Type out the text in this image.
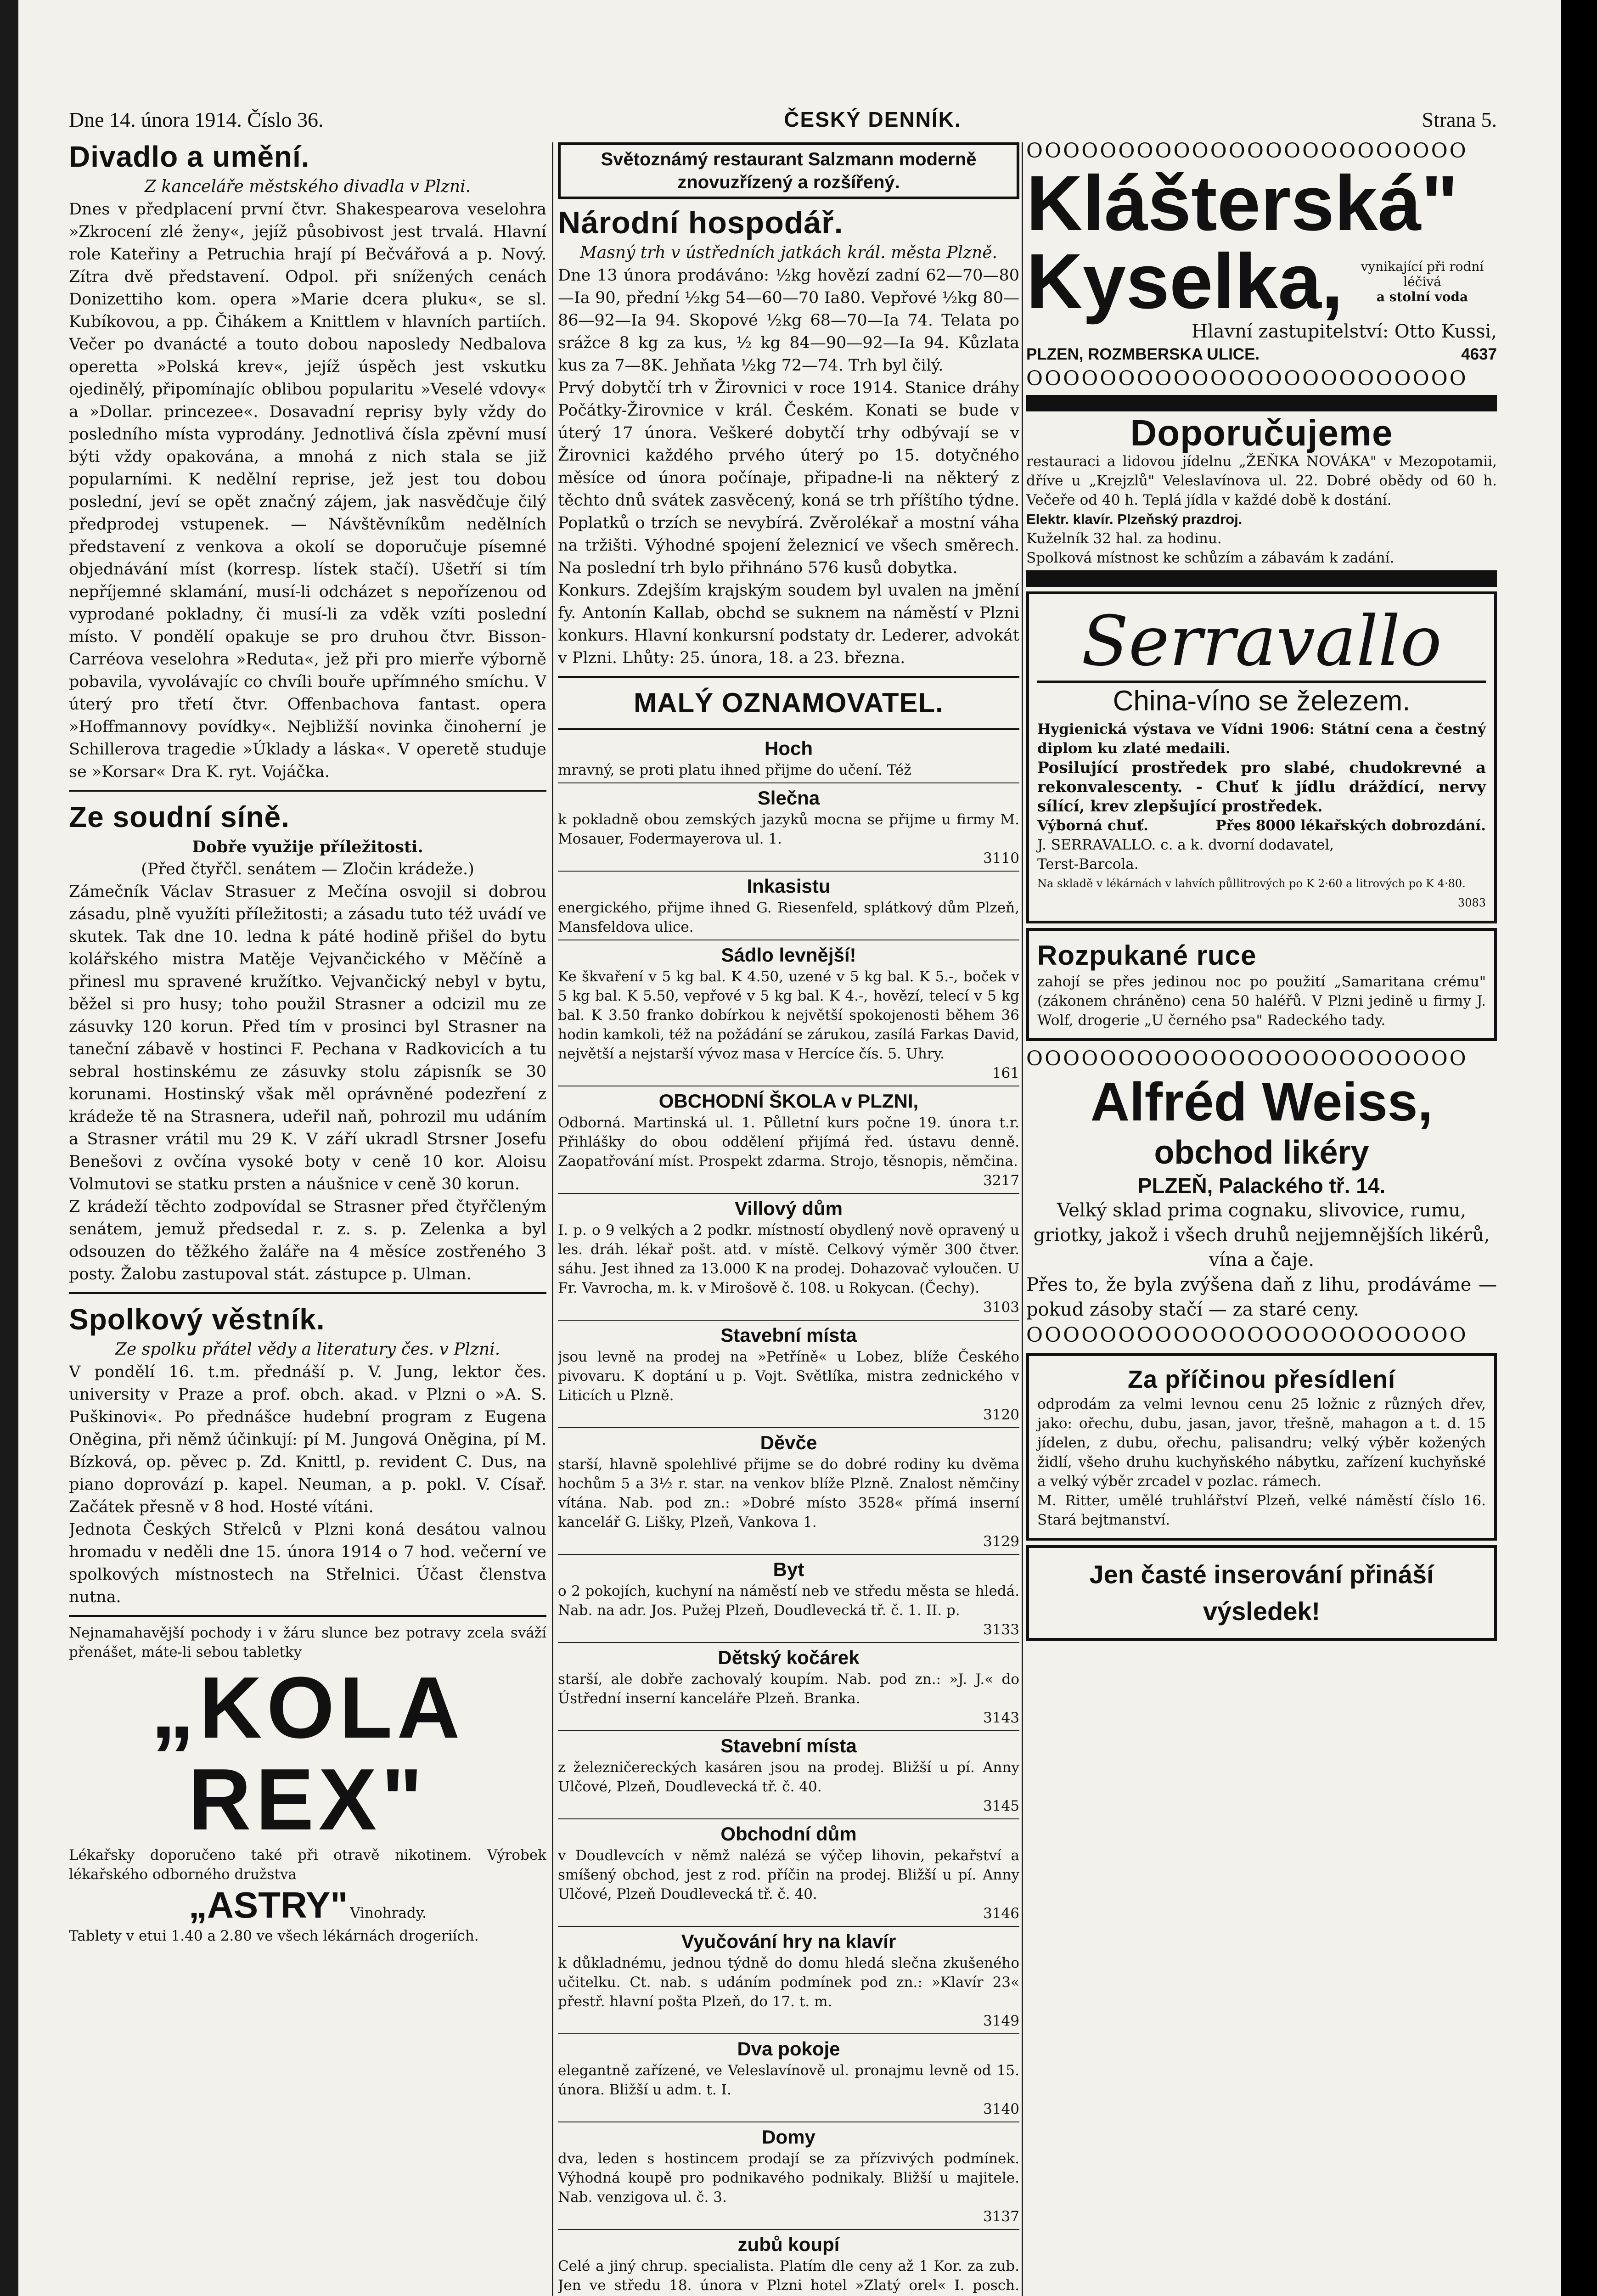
Dne 14. února 1914. Číslo 36.	ČESKÝ DENNÍK.	Strana 5.

Divadlo a umění.

Z kanceláře městského divadla v Plzni.

Dnes v předplacení první čtvr. Shakespearova veselohra »Zkrocení zlé ženy«, jejíž působivost jest trvalá. Hlavní role Kateřiny a Petruchia hrají pí Bečvářová a p. Nový. Zítra dvě představení. Odpol. při snížených cenách Donizettiho kom. opera »Marie dcera pluku«, se sl. Kubíkovou, a pp. Čihákem a Knittlem v hlavních partiích. Večer po dvanácté a touto dobou naposledy Nedbalova operetta »Polská krev«, jejíž úspěch jest vskutku ojedinělý, připomínajíc oblibou popularitu »Veselé vdovy« a »Dollar. princezee«. Dosavadní reprisy byly vždy do posledního místa vyprodány. Jednotlivá čísla zpěvní musí býti vždy opakována, a mnohá z nich stala se již popularními. K nedělní reprise, jež jest tou dobou poslední, jeví se opět značný zájem, jak nasvědčuje čilý předprodej vstupenek. — Návštěvníkům nedělních představení z venkova a okolí se doporučuje písemné objednávání míst (korresp. lístek stačí). Ušetří si tím nepříjemné sklamání, musí-li odcházet s nepořízenou od vyprodané pokladny, či musí-li za vděk vzíti poslední místo. V pondělí opakuje se pro druhou čtvr. Bisson-Carréova veselohra »Reduta«, jež při pro mierře výborně pobavila, vyvolávajíc co chvíli bouře upřímného smíchu. V úterý pro třetí čtvr. Offenbachova fantast. opera »Hoffmannovy povídky«. Nejbližší novinka činoherní je Schillerova tragedie »Úklady a láska«. V operetě studuje se »Korsar« Dra K. ryt. Vojáčka.

Ze soudní síně.

Dobře využije příležitosti.

(Před čtyřčl. senátem — Zločin krádeže.)

Zámečník Václav Strasuer z Mečína osvojil si dobrou zásadu, plně využíti příležitosti; a zásadu tuto též uvádí ve skutek. Tak dne 10. ledna k páté hodině přišel do bytu kolářského mistra Matěje Vejvančického v Měčíně a přinesl mu spravené kružítko. Vejvančický nebyl v bytu, běžel si pro husy; toho použil Strasner a odcizil mu ze zásuvky 120 korun. Před tím v prosinci byl Strasner na taneční zábavě v hostinci F. Pechana v Radkovicích a tu sebral hostinskému ze zásuvky stolu zápisník se 30 korunami. Hostinský však měl oprávněné podezření z krádeže tě na Strasnera, udeřil naň, pohrozil mu udáním a Strasner vrátil mu 29 K. V září ukradl Strsner Josefu Benešovi z ovčína vysoké boty v ceně 10 kor. Aloisu Volmutovi se statku prsten a náušnice v ceně 30 korun.

Z krádeží těchto zodpovídal se Strasner před čtyřčleným senátem, jemuž předsedal r. z. s. p. Zelenka a byl odsouzen do těžkého žaláře na 4 měsíce zostřeného 3 posty. Žalobu zastupoval stát. zástupce p. Ulman.

Spolkový věstník.

Ze spolku přátel vědy a literatury čes. v Plzni.

V pondělí 16. t.m. přednáší p. V. Jung, lektor čes. university v Praze a prof. obch. akad. v Plzni o »A. S. Puškinovi«. Po přednášce hudební program z Eugena Oněgina, při němž účinkují: pí M. Jungová Oněgina, pí M. Bízková, op. pěvec p. Zd. Knittl, p. revident C. Dus, na piano doprovází p. kapel. Neuman, a p. pokl. V. Císař. Začátek přesně v 8 hod. Hosté vítáni.

Jednota Českých Střelců v Plzni koná desátou valnou hromadu v neděli dne 15. února 1914 o 7 hod. večerní ve spolkových místnostech na Střelnici. Účast členstva nutna.

Nejnamahavější pochody i v žáru slunce bez potravy zcela sváží přenášet, máte-li sebou tabletky

„KOLA REX"

Lékařsky doporučeno také při otravě nikotinem. Výrobek lékařského odborného družstva

„ASTRY" Vinohrady.

Tablety v etui 1.40 a 2.80 ve všech lékárnách drogeriích.

Světoznámý restaurant Salzmann moderně znovuzřízený a rozšířený.

Národní hospodář.

Masný trh v ústředních jatkách král. města Plzně.

Dne 13 února prodáváno: ½kg hovězí zadní 62—70—80—Ia 90, přední ½kg 54—60—70 Ia80. Vepřové ½kg 80—86—92—Ia 94. Skopové ½kg 68—70—Ia 74. Telata po srážce 8 kg za kus, ½ kg 84—90—92—Ia 94. Kůzlata kus za 7—8K. Jehňata ½kg 72—74. Trh byl čilý.

Prvý dobytčí trh v Žirovnici v roce 1914. Stanice dráhy Počátky-Žirovnice v král. Českém. Konati se bude v úterý 17 února. Veškeré dobytčí trhy odbývají se v Žirovnici každého prvého úterý po 15. dotyčného měsíce od února počínaje, připadne-li na některý z těchto dnů svátek zasvěcený, koná se trh příštího týdne. Poplatků o trzích se nevybírá. Zvěrolékař a mostní váha na tržišti. Výhodné spojení železnicí ve všech směrech. Na poslední trh bylo přihnáno 576 kusů dobytka.

Konkurs. Zdejším krajským soudem byl uvalen na jmění fy. Antonín Kallab, obchd se suknem na náměstí v Plzni konkurs. Hlavní konkursní podstaty dr. Lederer, advokát v Plzni. Lhůty: 25. února, 18. a 23. března.

MALÝ OZNAMOVATEL.

Hoch

mravný, se proti platu ihned přijme do učení. Též

Slečna

k pokladně obou zemských jazyků mocna se přijme u firmy M. Mosauer, Fodermayerova ul. 1.

3110

Inkasistu

energického, přijme ihned G. Riesenfeld, splátkový dům Plzeň, Mansfeldova ulice.

Sádlo levnější!

Ke škvaření v 5 kg bal. K 4.50, uzené v 5 kg bal. K 5.-, boček v 5 kg bal. K 5.50, vepřové v 5 kg bal. K 4.-, hovězí, telecí v 5 kg bal. K 3.50 franko dobírkou k největší spokojenosti během 36 hodin kamkoli, též na požádání se zárukou, zasílá Farkas David, největší a nejstarší vývoz masa v Hercíce čís. 5. Uhry.

161

OBCHODNÍ ŠKOLA v PLZNI,

Odborná. Martinská ul. 1. Půlletní kurs počne 19. února t.r. Přihlášky do obou oddělení přijímá řed. ústavu denně. Zaopatřování míst. Prospekt zdarma. Strojo, těsnopis, němčina.

3217

Villový dům

I. p. o 9 velkých a 2 podkr. místností obydlený nově opravený u les. dráh. lékař pošt. atd. v místě. Celkový výměr 300 čtver. sáhu. Jest ihned za 13.000 K na prodej. Dohazovač vyloučen. U Fr. Vavrocha, m. k. v Mirošově č. 108. u Rokycan. (Čechy).

3103

Stavební místa

jsou levně na prodej na »Petříně« u Lobez, blíže Českého pivovaru. K doptání u p. Vojt. Světlíka, mistra zednického v Liticích u Plzně.

3120

Děvče

starší, hlavně spolehlivé přijme se do dobré rodiny ku dvěma hochům 5 a 3½ r. star. na venkov blíže Plzně. Znalost němčiny vítána. Nab. pod zn.: »Dobré místo 3528« přímá inserní kancelář G. Lišky, Plzeň, Vankova 1.

3129

Byt

o 2 pokojích, kuchyní na náměstí neb ve středu města se hledá. Nab. na adr. Jos. Pužej Plzeň, Doudlevecká tř. č. 1. II. p.

3133

Dětský kočárek

starší, ale dobře zachovalý koupím. Nab. pod zn.: »J. J.« do Ústřední inserní kanceláře Plzeň. Branka.

3143

Stavební místa

z železničereckých kasáren jsou na prodej. Bližší u pí. Anny Ulčové, Plzeň, Doudlevecká tř. č. 40.

3145

Obchodní dům

v Doudlevcích v němž nalézá se výčep lihovin, pekařství a smíšený obchod, jest z rod. příčin na prodej. Bližší u pí. Anny Ulčové, Plzeň Doudlevecká tř. č. 40.

3146

Vyučování hry na klavír

k důkladnému, jednou týdně do domu hledá slečna zkušeného učitelku. Ct. nab. s udáním podmínek pod zn.: »Klavír 23« přestř. hlavní pošta Plzeň, do 17. t. m.

3149

Dva pokoje

elegantně zařízené, ve Veleslavínově ul. pronajmu levně od 15. února. Bližší u adm. t. I.

3140

Domy

dva, leden s hostincem prodají se za přízvivých podmínek. Výhodná koupě pro podnikavého podnikaly. Bližší u majitele. Nab. venzigova ul. č. 3.

3137

zubů koupí

Celé a jiný chrup. specialista. Platím dle ceny až 1 Kor. za zub. Jen ve středu 18. února v Plzni hotel »Zlatý orel« I. posch.

OOOOOOOOOOOOOOOOOOOOOOOO

Klášterská"

Kyselka,	vynikající při rodní léčivá
a stolní voda

Hlavní zastupitelství: Otto Kussi,

PLZEN, ROZMBERSKA ULICE.	4637

OOOOOOOOOOOOOOOOOOOOOOOO

Doporučujeme

restauraci a lidovou jídelnu „ŽEŇKA NOVÁKA" v Mezopotamii, dříve u „Krejzlů" Veleslavínova ul. 22. Dobré obědy od 60 h. Večeře od 40 h. Teplá jídla v každé době k dostání.

Elektr. klavír. Plzeňský prazdroj.

Kuželník 32 hal. za hodinu.

Spolková místnost ke schůzím a zábavám k zadání.

Serravallo

China-víno se železem.

Hygienická výstava ve Vídni 1906: Státní cena a čestný diplom ku zlaté medaili.

Posilující prostředek pro slabé, chudokrevné a rekonvalescenty. - Chuť k jídlu dráždící, nervy sílící, krev zlepšující prostředek.

Výborná chuť.	Přes 8000 lékařských dobrozdání.

J. SERRAVALLO. c. a k. dvorní dodavatel,

Terst-Barcola.

Na skladě v lékárnách v lahvích půllitrových po K 2·60 a litrových po K 4·80.

3083

Rozpukané ruce

zahojí se přes jedinou noc po použití „Samaritana crému" (zákonem chráněno) cena 50 haléřů. V Plzni jedině u firmy J. Wolf, drogerie „U černého psa" Radeckého tady.

OOOOOOOOOOOOOOOOOOOOOOOO

Alfréd Weiss,

obchod likéry

PLZEŇ, Palackého tř. 14.

Velký sklad prima cognaku, slivovice, rumu, griotky, jakož i všech druhů nejjemnějších likérů, vína a čaje.

Přes to, že byla zvýšena daň z lihu, prodáváme — pokud zásoby stačí — za staré ceny.

OOOOOOOOOOOOOOOOOOOOOOOO

Za příčinou přesídlení

odprodám za velmi levnou cenu 25 ložnic z různých dřev, jako: ořechu, dubu, jasan, javor, třešně, mahagon a t. d. 15 jídelen, z dubu, ořechu, palisandru; velký výběr kožených židlí, všeho druhu kuchyňského nábytku, zařízení kuchyňské a velký výběr zrcadel v pozlac. rámech.

M. Ritter, umělé truhlářství Plzeň, velké náměstí číslo 16. Stará bejtmanství.

Jen časté inserování přináší výsledek!
